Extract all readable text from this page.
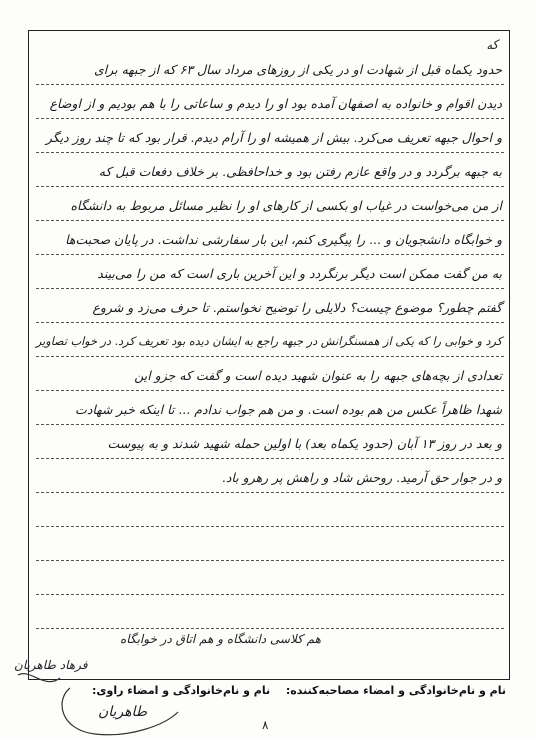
که
حدود یکماه قبل از شهادت او در یکی از روزهای مرداد سال ۶۳ که از جبهه برای
دیدن اقوام و خانواده به اصفهان آمده بود او را دیدم و ساعاتی را با هم بودیم و از اوضاع
و احوال جبهه تعریف می‌کرد. بیش از همیشه او را آرام دیدم. قرار بود که تا چند روز دیگر
به جبهه برگردد و در واقع عازم رفتن بود و خداحافظی. بر خلاف دفعات قبل که
از من می‌خواست در غیاب او بکسی از کارهای او را نظیر مسائل مربوط به دانشگاه
و خوابگاه دانشجویان و ... را پیگیری کنم، این بار سفارشی نداشت. در پایان صحبت‌ها
به من گفت ممکن است دیگر برنگردد و این آخرین باری است که من را می‌بیند
گفتم چطور؟ موضوع چیست؟ دلایلی را توضیح نخواستم. تا حرف می‌زد و شروع
کرد و خوابی را که یکی از همسنگرانش در جبهه راجع به ایشان دیده بود تعریف کرد. در خواب تصاویر
تعدادی از بچه‌های جبهه را به عنوان شهید دیده است و گفت که جزو این
شهدا ظاهراً عکس من هم بوده است. و من هم جواب ندادم ... تا اینکه خبر شهادت
و بعد در روز ۱۳ آبان (حدود یکماه بعد) با اولین حمله شهید شدند و به پیوست
و در جوار حق آرمید. روحش شاد و راهش پر رهرو باد.
هم کلاسی دانشگاه و هم اتاق در خوابگاه
فرهاد طاهریان
طاهریان
نام و نام‌خانوادگی و امضاء مصاحبه‌کننده:
نام و نام‌خانوادگی و امضاء راوی:
۸
